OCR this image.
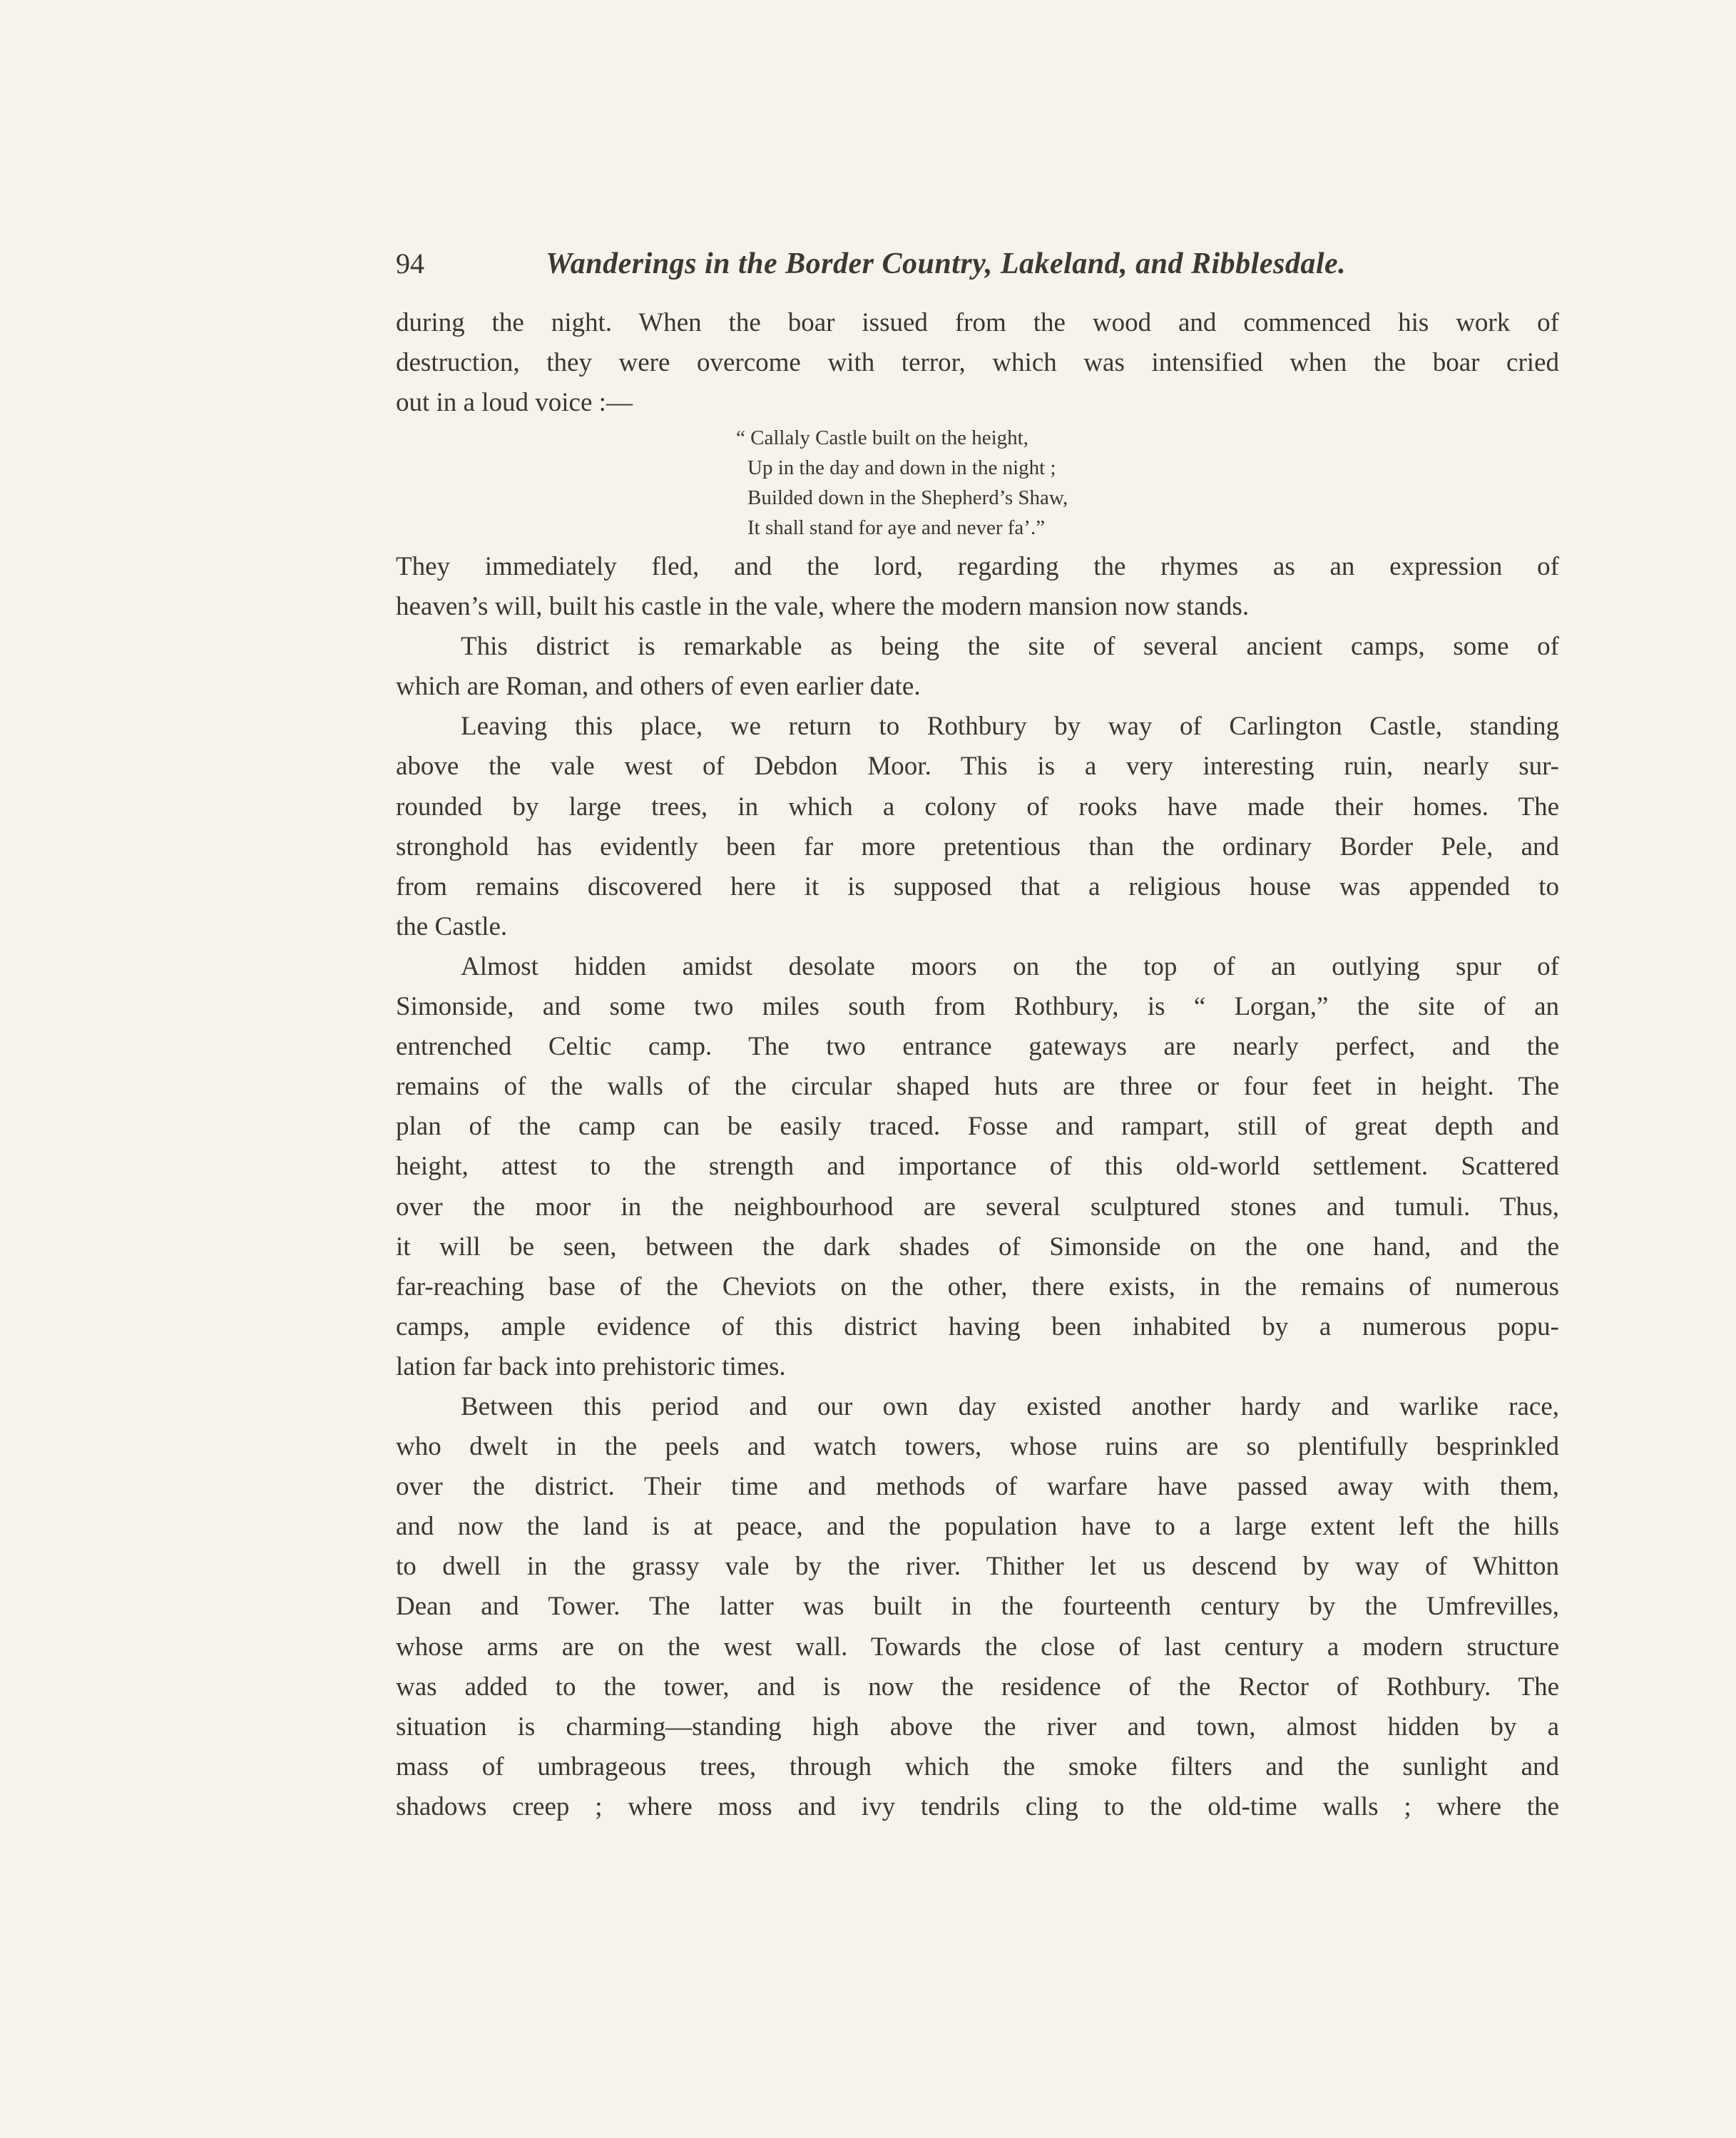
94	Wanderings in the Border Country, Lakeland, and Ribblesdale.
during the night. When the boar issued from the wood and commenced his work of
destruction, they were overcome with terror, which was intensified when the boar cried
out in a loud voice :—
“ Callaly Castle built on the height,
Up in the day and down in the night ;
Builded down in the Shepherd’s Shaw,
It shall stand for aye and never fa’.”
They immediately fled, and the lord, regarding the rhymes as an expression of
heaven’s will, built his castle in the vale, where the modern mansion now stands.
This district is remarkable as being the site of several ancient camps, some of
which are Roman, and others of even earlier date.
Leaving this place, we return to Rothbury by way of Carlington Castle, standing
above the vale west of Debdon Moor. This is a very interesting ruin, nearly sur-
rounded by large trees, in which a colony of rooks have made their homes. The
stronghold has evidently been far more pretentious than the ordinary Border Pele, and
from remains discovered here it is supposed that a religious house was appended to
the Castle.
Almost hidden amidst desolate moors on the top of an outlying spur of
Simonside, and some two miles south from Rothbury, is “ Lorgan,” the site of an
entrenched Celtic camp. The two entrance gateways are nearly perfect, and the
remains of the walls of the circular shaped huts are three or four feet in height. The
plan of the camp can be easily traced. Fosse and rampart, still of great depth and
height, attest to the strength and importance of this old-world settlement. Scattered
over the moor in the neighbourhood are several sculptured stones and tumuli. Thus,
it will be seen, between the dark shades of Simonside on the one hand, and the
far-reaching base of the Cheviots on the other, there exists, in the remains of numerous
camps, ample evidence of this district having been inhabited by a numerous popu-
lation far back into prehistoric times.
Between this period and our own day existed another hardy and warlike race,
who dwelt in the peels and watch towers, whose ruins are so plentifully besprinkled
over the district. Their time and methods of warfare have passed away with them,
and now the land is at peace, and the population have to a large extent left the hills
to dwell in the grassy vale by the river. Thither let us descend by way of Whitton
Dean and Tower. The latter was built in the fourteenth century by the Umfrevilles,
whose arms are on the west wall. Towards the close of last century a modern structure
was added to the tower, and is now the residence of the Rector of Rothbury. The
situation is charming—standing high above the river and town, almost hidden by a
mass of umbrageous trees, through which the smoke filters and the sunlight and
shadows creep ; where moss and ivy tendrils cling to the old-time walls ; where the
